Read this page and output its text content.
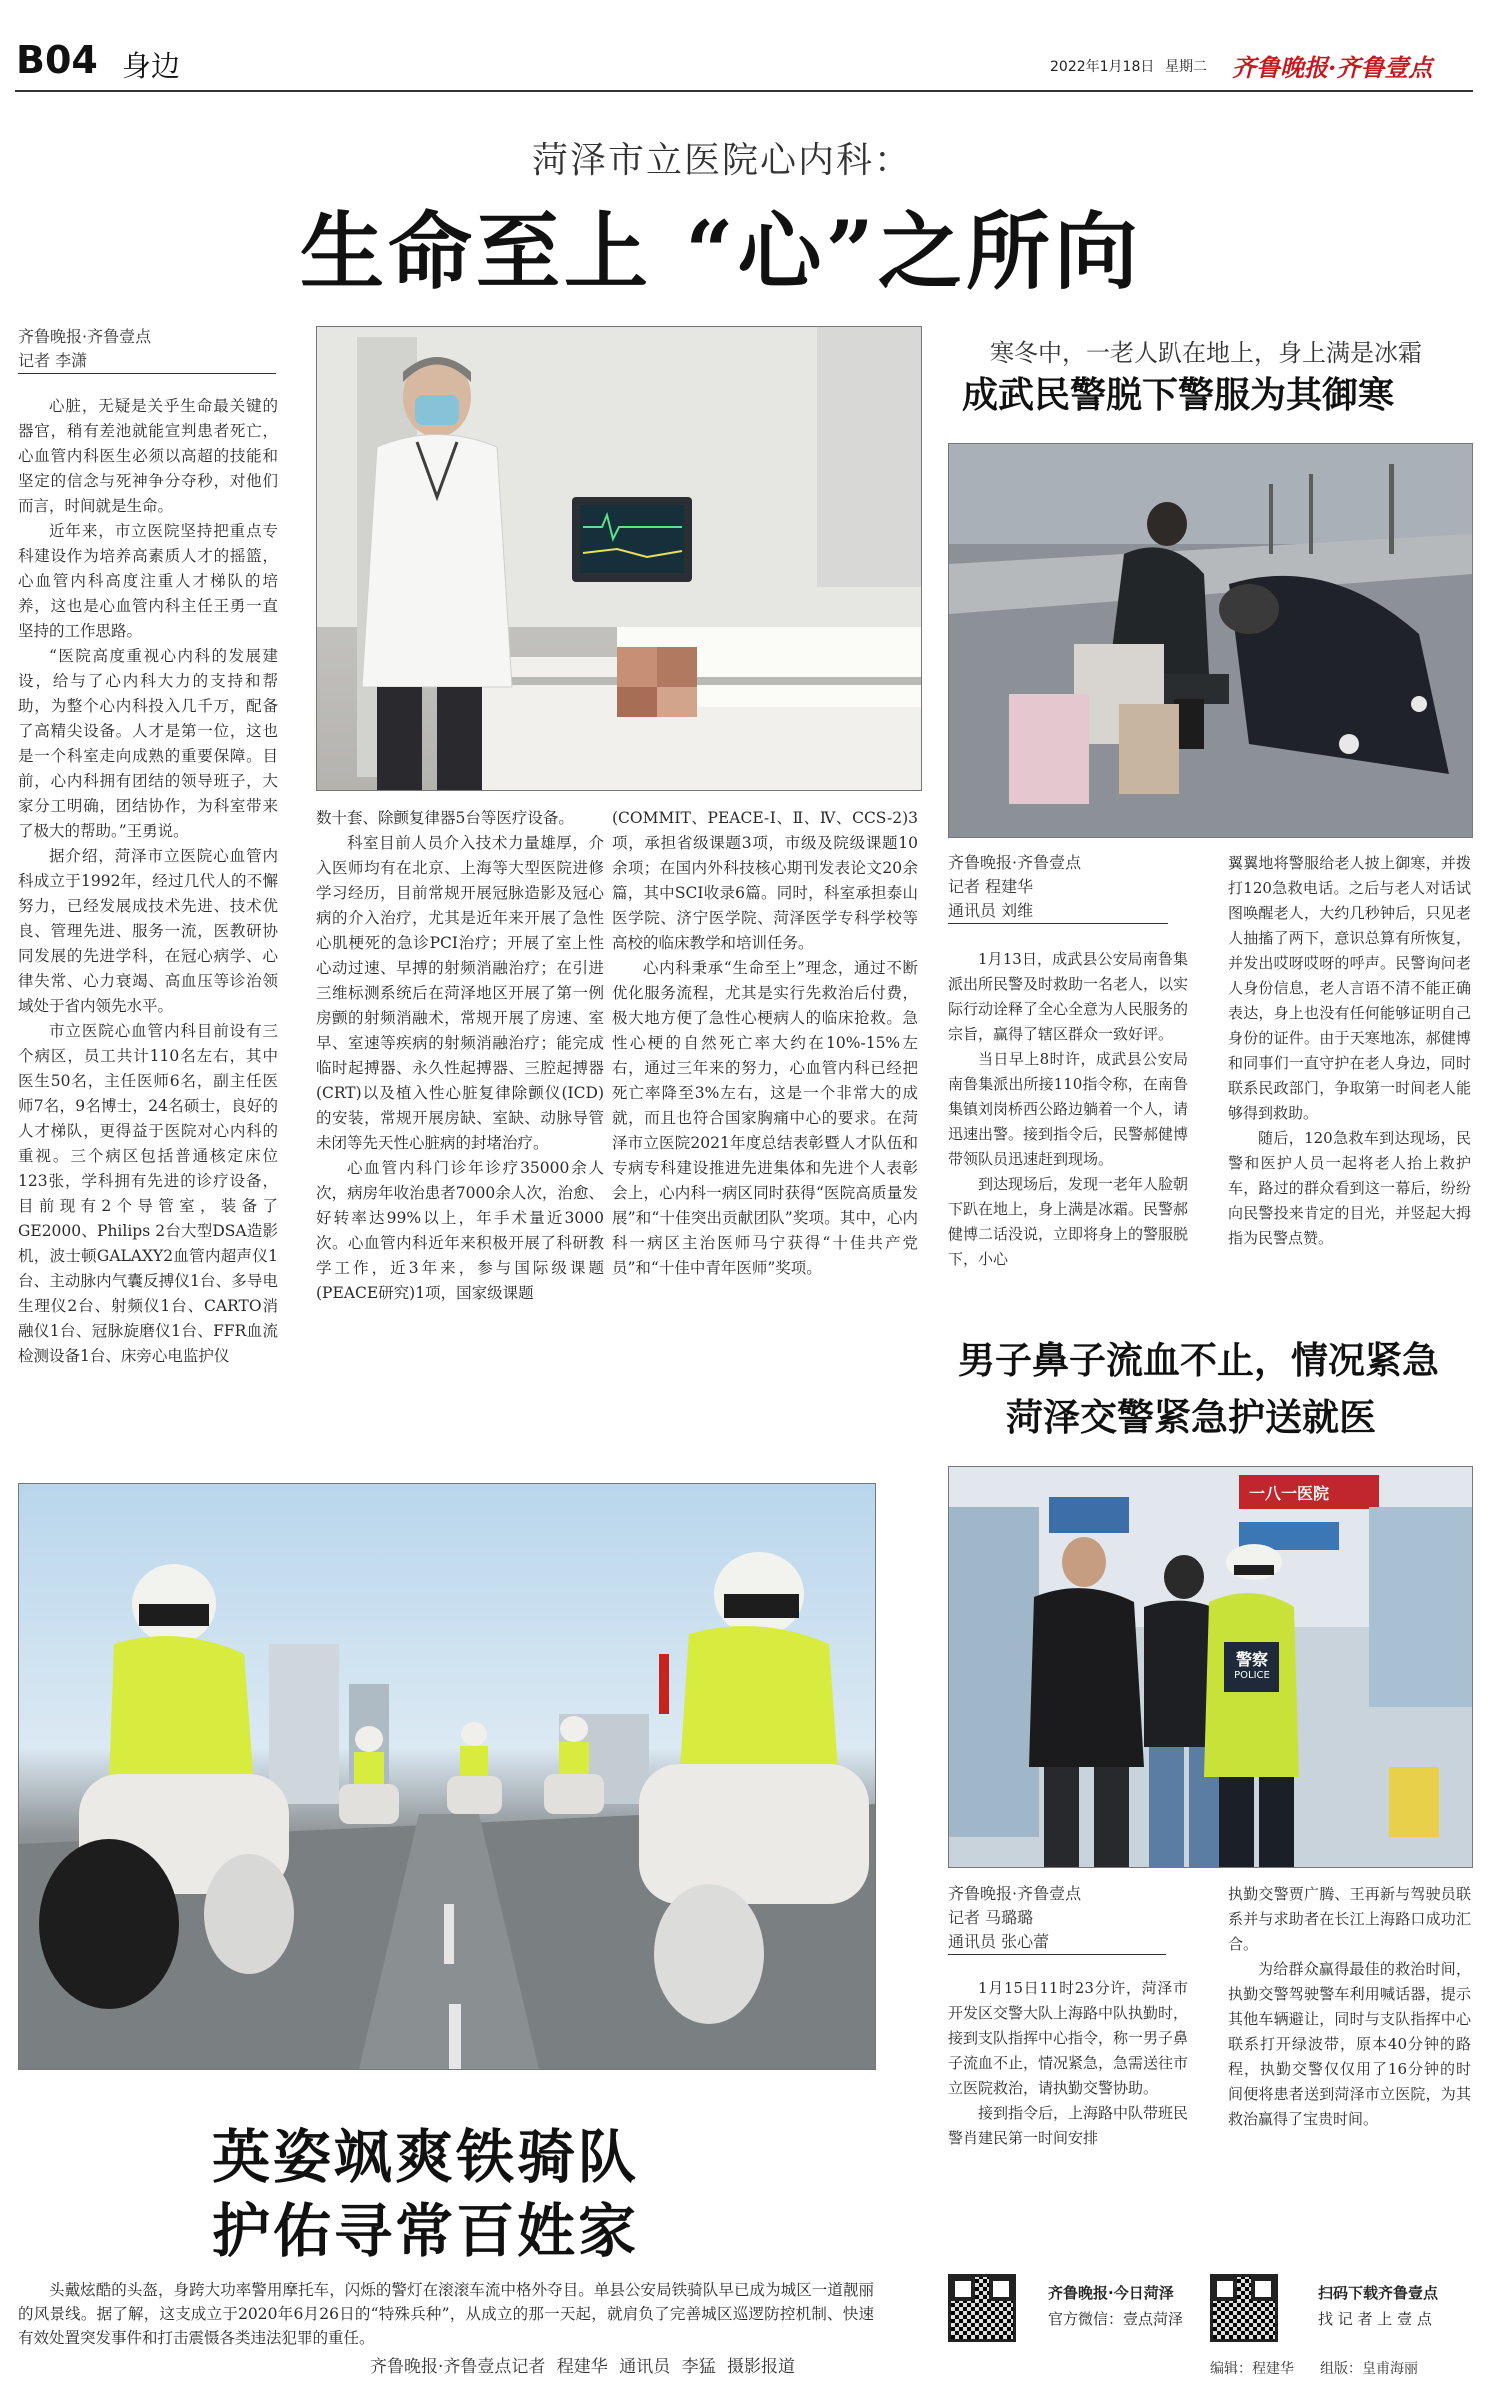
B04 身边	2022年1月18日 星期二 齐鲁晚报·齐鲁壹点
菏泽市立医院心内科：
生命至上 “心”之所向
齐鲁晚报·齐鲁壹点
记者 李潇

心脏，无疑是关乎生命最关键的器官，稍有差池就能宣判患者死亡，心血管内科医生必须以高超的技能和坚定的信念与死神争分夺秒，对他们而言，时间就是生命。

近年来，市立医院坚持把重点专科建设作为培养高素质人才的摇篮，心血管内科高度注重人才梯队的培养，这也是心血管内科主任王勇一直坚持的工作思路。

“医院高度重视心内科的发展建设，给与了心内科大力的支持和帮助，为整个心内科投入几千万，配备了高精尖设备。人才是第一位，这也是一个科室走向成熟的重要保障。目前，心内科拥有团结的领导班子，大家分工明确，团结协作，为科室带来了极大的帮助。”王勇说。

据介绍，菏泽市立医院心血管内科成立于1992年，经过几代人的不懈努力，已经发展成技术先进、技术优良、管理先进、服务一流，医教研协同发展的先进学科，在冠心病学、心律失常、心力衰竭、高血压等诊治领域处于省内领先水平。

市立医院心血管内科目前设有三个病区，员工共计110名左右，其中医生50名，主任医师6名，副主任医师7名，9名博士，24名硕士，良好的人才梯队，更得益于医院对心内科的重视。三个病区包括普通核定床位123张，学科拥有先进的诊疗设备，目前现有2个导管室，装备了GE2000、Philips 2台大型DSA造影机，波士顿GALAXY2血管内超声仪1台、主动脉内气囊反搏仪1台、多导电生理仪2台、射频仪1台、CARTO消融仪1台、冠脉旋磨仪1台、FFR血流检测设备1台、床旁心电监护仪

数十套、除颤复律器5台等医疗设备。

科室目前人员介入技术力量雄厚，介入医师均有在北京、上海等大型医院进修学习经历，目前常规开展冠脉造影及冠心病的介入治疗，尤其是近年来开展了急性心肌梗死的急诊PCI治疗；开展了室上性心动过速、早搏的射频消融治疗；在引进三维标测系统后在菏泽地区开展了第一例房颤的射频消融术，常规开展了房速、室早、室速等疾病的射频消融治疗；能完成临时起搏器、永久性起搏器、三腔起搏器(CRT)以及植入性心脏复律除颤仪(ICD)的安装，常规开展房缺、室缺、动脉导管未闭等先天性心脏病的封堵治疗。

心血管内科门诊年诊疗35000余人次，病房年收治患者7000余人次，治愈、好转率达99%以上，年手术量近3000次。心血管内科近年来积极开展了科研教学工作，近3年来，参与国际级课题(PEACE研究)1项，国家级课题

(COMMIT、PEACE-Ⅰ、Ⅱ、Ⅳ、CCS-2)3项，承担省级课题3项，市级及院级课题10余项；在国内外科技核心期刊发表论文20余篇，其中SCI收录6篇。同时，科室承担泰山医学院、济宁医学院、菏泽医学专科学校等高校的临床教学和培训任务。

心内科秉承“生命至上”理念，通过不断优化服务流程，尤其是实行先救治后付费，极大地方便了急性心梗病人的临床抢救。急性心梗的自然死亡率大约在10%-15%左右，通过三年来的努力，心血管内科已经把死亡率降至3%左右，这是一个非常大的成就，而且也符合国家胸痛中心的要求。在菏泽市立医院2021年度总结表彰暨人才队伍和专病专科建设推进先进集体和先进个人表彰会上，心内科一病区同时获得“医院高质量发展”和“十佳突出贡献团队”奖项。其中，心内科一病区主治医师马宁获得“十佳共产党员”和“十佳中青年医师”奖项。

寒冬中，一老人趴在地上，身上满是冰霜
成武民警脱下警服为其御寒
齐鲁晚报·齐鲁壹点
记者 程建华
通讯员 刘维

1月13日，成武县公安局南鲁集派出所民警及时救助一名老人，以实际行动诠释了全心全意为人民服务的宗旨，赢得了辖区群众一致好评。

当日早上8时许，成武县公安局南鲁集派出所接110指令称，在南鲁集镇刘岗桥西公路边躺着一个人，请迅速出警。接到指令后，民警郝健博带领队员迅速赶到现场。

到达现场后，发现一老年人脸朝下趴在地上，身上满是冰霜。民警郝健博二话没说，立即将身上的警服脱下，小心

翼翼地将警服给老人披上御寒，并拨打120急救电话。之后与老人对话试图唤醒老人，大约几秒钟后，只见老人抽搐了两下，意识总算有所恢复，并发出哎呀哎呀的呼声。民警询问老人身份信息，老人言语不清不能正确表达，身上也没有任何能够证明自己身份的证件。由于天寒地冻，郝健博和同事们一直守护在老人身边，同时联系民政部门，争取第一时间老人能够得到救助。

随后，120急救车到达现场，民警和医护人员一起将老人抬上救护车，路过的群众看到这一幕后，纷纷向民警投来肯定的目光，并竖起大拇指为民警点赞。

男子鼻子流血不止，情况紧急
菏泽交警紧急护送就医
一八一医院
警察
POLICE
齐鲁晚报·齐鲁壹点
记者 马璐璐
通讯员 张心蕾

1月15日11时23分许，菏泽市开发区交警大队上海路中队执勤时，接到支队指挥中心指令，称一男子鼻子流血不止，情况紧急，急需送往市立医院救治，请执勤交警协助。

接到指令后，上海路中队带班民警肖建民第一时间安排

执勤交警贾广腾、王再新与驾驶员联系并与求助者在长江上海路口成功汇合。

为给群众赢得最佳的救治时间，执勤交警驾驶警车利用喊话器，提示其他车辆避让，同时与支队指挥中心联系打开绿波带，原本40分钟的路程，执勤交警仅仅用了16分钟的时间便将患者送到菏泽市立医院，为其救治赢得了宝贵时间。

英姿飒爽铁骑队
护佑寻常百姓家
头戴炫酷的头盔，身跨大功率警用摩托车，闪烁的警灯在滚滚车流中格外夺目。单县公安局铁骑队早已成为城区一道靓丽的风景线。据了解，这支成立于2020年6月26日的“特殊兵种”，从成立的那一天起，就肩负了完善城区巡逻防控机制、快速有效处置突发事件和打击震慑各类违法犯罪的重任。
齐鲁晚报·齐鲁壹点记者 程建华 通讯员 李猛 摄影报道
齐鲁晚报·今日菏泽
官方微信：壹点菏泽
扫码下载齐鲁壹点
找 记 者 上 壹 点
编辑：程建华 组版：皇甫海丽
